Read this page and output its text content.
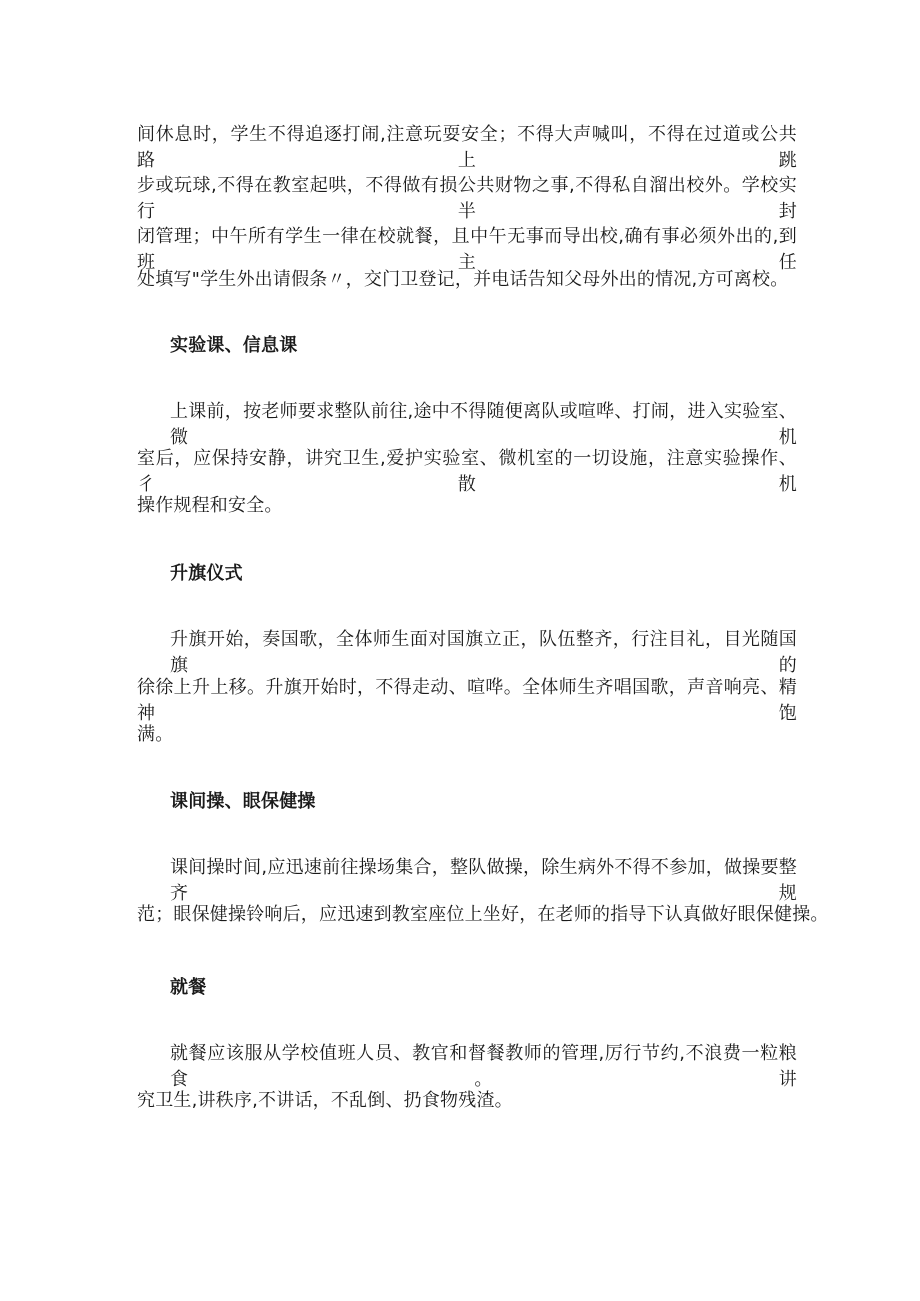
间休息时，学生不得追逐打闹,注意玩耍安全；不得大声喊叫，不得在过道或公共路上跳
步或玩球,不得在教室起哄，不得做有损公共财物之事,不得私自溜出校外。学校实行半封
闭管理；中午所有学生一律在校就餐，且中午无事而导出校,确有事必须外出的,到班主任
处填写"学生外出请假条〃，交门卫登记，并电话告知父母外出的情况,方可离校。
实验课、信息课
上课前，按老师要求整队前往,途中不得随便离队或喧哗、打闹，进入实验室、微机
室后，应保持安静，讲究卫生,爱护实验室、微机室的一切设施，注意实验操作、彳散机
操作规程和安全。
升旗仪式
升旗开始，奏国歌，全体师生面对国旗立正，队伍整齐，行注目礼，目光随国旗的
徐徐上升上移。升旗开始时，不得走动、喧哗。全体师生齐唱国歌，声音响亮、精神饱
满。
课间操、眼保健操
课间操时间,应迅速前往操场集合，整队做操，除生病外不得不参加，做操要整齐规
范；眼保健操铃响后，应迅速到教室座位上坐好，在老师的指导下认真做好眼保健操。
就餐
就餐应该服从学校值班人员、教官和督餐教师的管理,厉行节约,不浪费一粒粮食。讲
究卫生,讲秩序,不讲话，不乱倒、扔食物残渣。
